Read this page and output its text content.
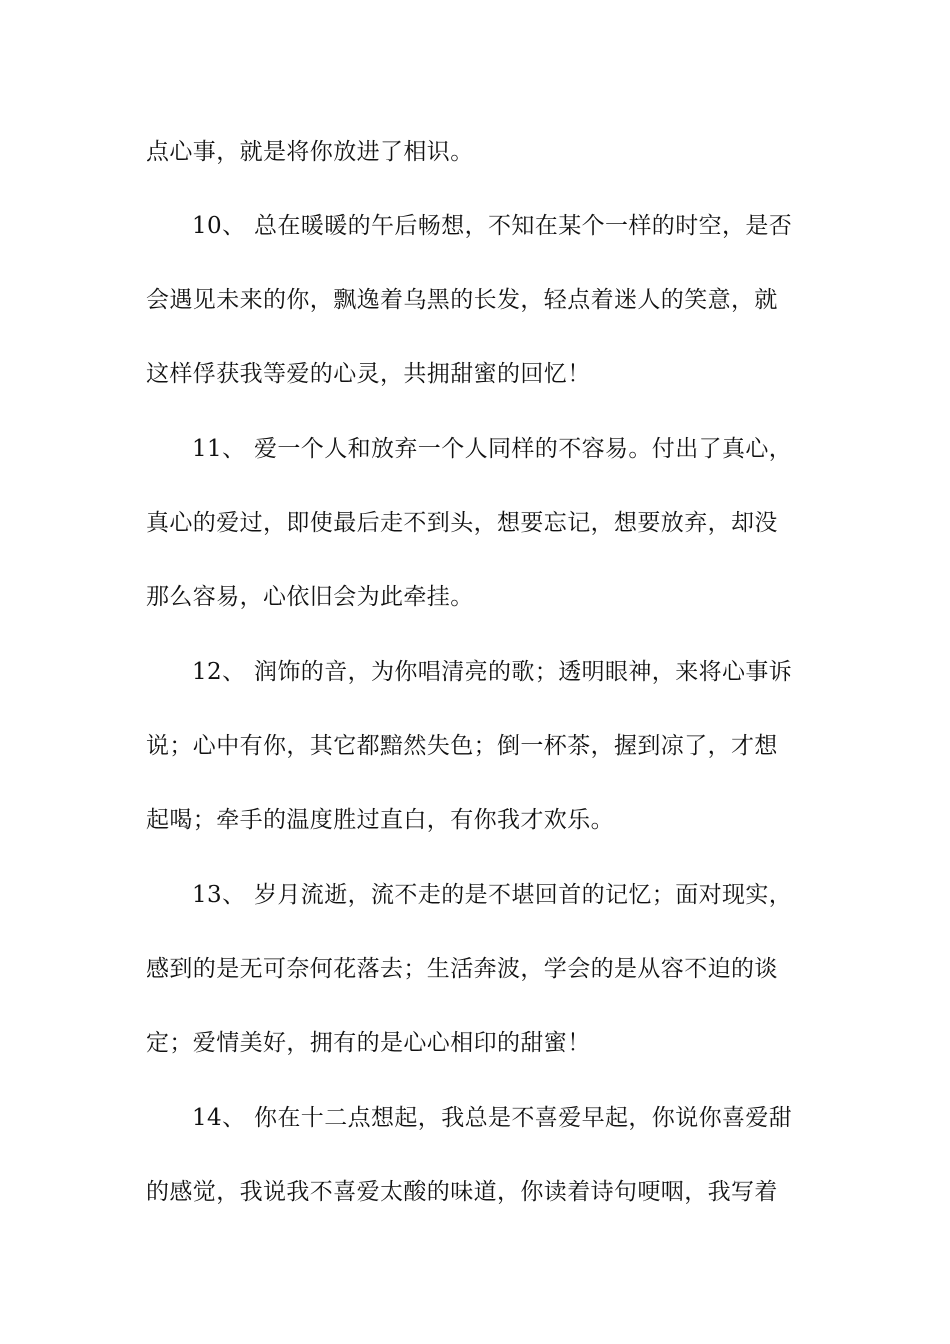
点心事，就是将你放进了相识。
10、 总在暖暖的午后畅想，不知在某个一样的时空，是否
会遇见未来的你，飘逸着乌黑的长发，轻点着迷人的笑意，就
这样俘获我等爱的心灵，共拥甜蜜的回忆！
11、 爱一个人和放弃一个人同样的不容易。付出了真心，
真心的爱过，即使最后走不到头，想要忘记，想要放弃，却没
那么容易，心依旧会为此牵挂。
12、 润饰的音，为你唱清亮的歌；透明眼神，来将心事诉
说；心中有你，其它都黯然失色；倒一杯茶，握到凉了，才想
起喝；牵手的温度胜过直白，有你我才欢乐。
13、 岁月流逝，流不走的是不堪回首的记忆；面对现实，
感到的是无可奈何花落去；生活奔波，学会的是从容不迫的谈
定；爱情美好，拥有的是心心相印的甜蜜！
14、 你在十二点想起，我总是不喜爱早起，你说你喜爱甜
的感觉，我说我不喜爱太酸的味道，你读着诗句哽咽，我写着
